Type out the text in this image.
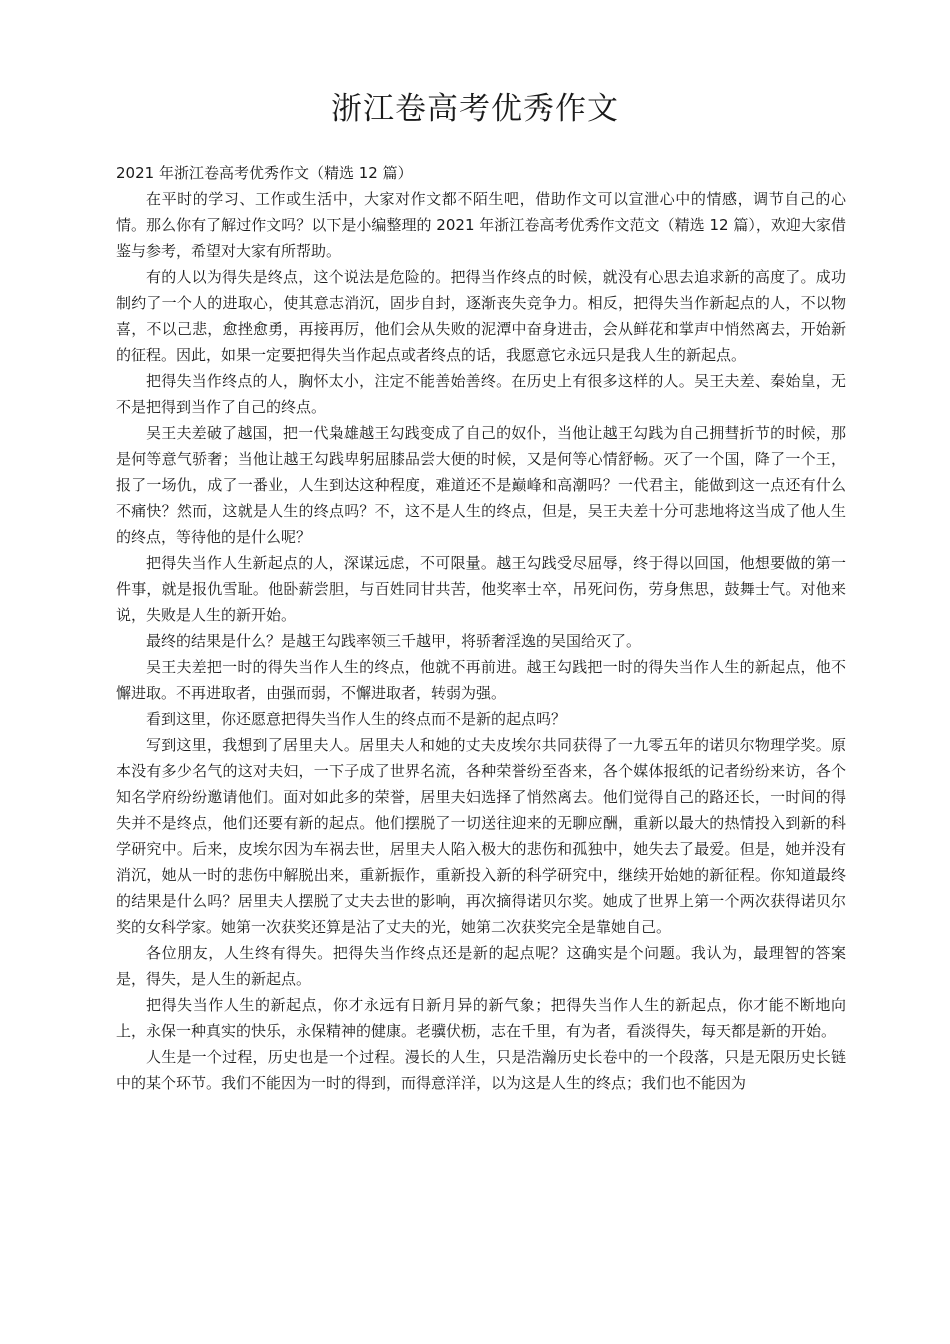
浙江卷高考优秀作文

2021 年浙江卷高考优秀作文（精选 12 篇）

在平时的学习、工作或生活中，大家对作文都不陌生吧，借助作文可以宣泄心中的情感，调节自己的心情。那么你有了解过作文吗？以下是小编整理的 2021 年浙江卷高考优秀作文范文（精选 12 篇），欢迎大家借鉴与参考，希望对大家有所帮助。

有的人以为得失是终点，这个说法是危险的。把得当作终点的时候，就没有心思去追求新的高度了。成功制约了一个人的进取心，使其意志消沉，固步自封，逐渐丧失竞争力。相反，把得失当作新起点的人，不以物喜，不以己悲，愈挫愈勇，再接再厉，他们会从失败的泥潭中奋身进击，会从鲜花和掌声中悄然离去，开始新的征程。因此，如果一定要把得失当作起点或者终点的话，我愿意它永远只是我人生的新起点。

把得失当作终点的人，胸怀太小，注定不能善始善终。在历史上有很多这样的人。吴王夫差、秦始皇，无不是把得到当作了自己的终点。

吴王夫差破了越国，把一代枭雄越王勾践变成了自己的奴仆，当他让越王勾践为自己拥彗折节的时候，那是何等意气骄奢；当他让越王勾践卑躬屈膝品尝大便的时候，又是何等心情舒畅。灭了一个国，降了一个王，报了一场仇，成了一番业，人生到达这种程度，难道还不是巅峰和高潮吗？一代君主，能做到这一点还有什么不痛快？然而，这就是人生的终点吗？不，这不是人生的终点，但是，吴王夫差十分可悲地将这当成了他人生的终点，等待他的是什么呢？

把得失当作人生新起点的人，深谋远虑，不可限量。越王勾践受尽屈辱，终于得以回国，他想要做的第一件事，就是报仇雪耻。他卧薪尝胆，与百姓同甘共苦，他奖率士卒，吊死问伤，劳身焦思，鼓舞士气。对他来说，失败是人生的新开始。

最终的结果是什么？是越王勾践率领三千越甲，将骄奢淫逸的吴国给灭了。

吴王夫差把一时的得失当作人生的终点，他就不再前进。越王勾践把一时的得失当作人生的新起点，他不懈进取。不再进取者，由强而弱，不懈进取者，转弱为强。

看到这里，你还愿意把得失当作人生的终点而不是新的起点吗？

写到这里，我想到了居里夫人。居里夫人和她的丈夫皮埃尔共同获得了一九零五年的诺贝尔物理学奖。原本没有多少名气的这对夫妇，一下子成了世界名流，各种荣誉纷至沓来，各个媒体报纸的记者纷纷来访，各个知名学府纷纷邀请他们。面对如此多的荣誉，居里夫妇选择了悄然离去。他们觉得自己的路还长，一时间的得失并不是终点，他们还要有新的起点。他们摆脱了一切送往迎来的无聊应酬，重新以最大的热情投入到新的科学研究中。后来，皮埃尔因为车祸去世，居里夫人陷入极大的悲伤和孤独中，她失去了最爱。但是，她并没有消沉，她从一时的悲伤中解脱出来，重新振作，重新投入新的科学研究中，继续开始她的新征程。你知道最终的结果是什么吗？居里夫人摆脱了丈夫去世的影响，再次摘得诺贝尔奖。她成了世界上第一个两次获得诺贝尔奖的女科学家。她第一次获奖还算是沾了丈夫的光，她第二次获奖完全是靠她自己。

各位朋友，人生终有得失。把得失当作终点还是新的起点呢？这确实是个问题。我认为，最理智的答案是，得失，是人生的新起点。

把得失当作人生的新起点，你才永远有日新月异的新气象；把得失当作人生的新起点，你才能不断地向上，永保一种真实的快乐，永保精神的健康。老骥伏枥，志在千里，有为者，看淡得失，每天都是新的开始。

人生是一个过程，历史也是一个过程。漫长的人生，只是浩瀚历史长卷中的一个段落，只是无限历史长链中的某个环节。我们不能因为一时的得到，而得意洋洋，以为这是人生的终点；我们也不能因为
